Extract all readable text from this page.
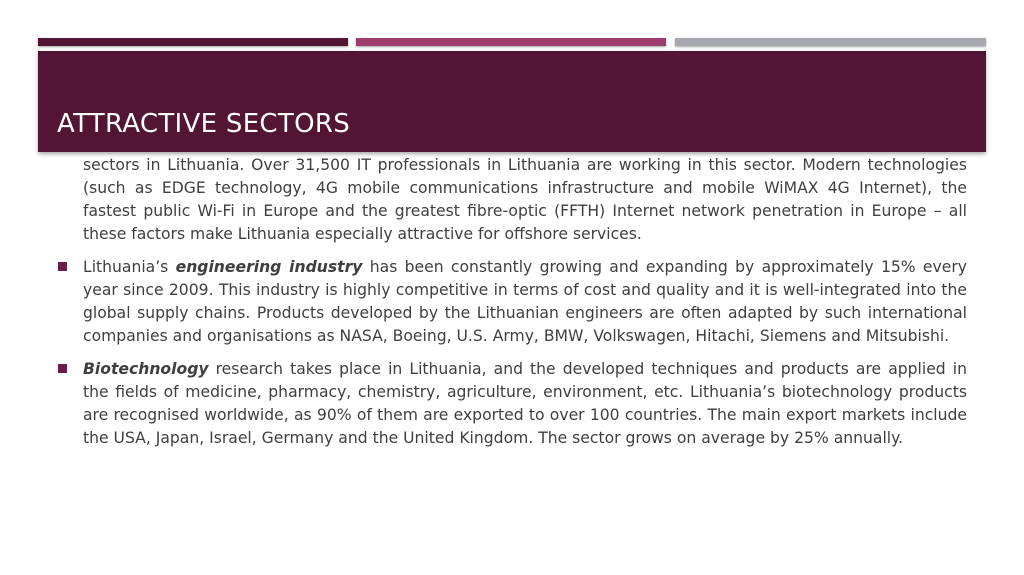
sectors in Lithuania. Over 31,500 IT professionals in Lithuania are working in this sector. Modern technologies (such as EDGE technology, 4G mobile communications infrastructure and mobile WiMAX 4G Internet), the fastest public Wi-Fi in Europe and the greatest fibre-optic (FFTH) Internet network penetration in Europe – all these factors make Lithuania especially attractive for offshore services.
Lithuania’s engineering industry has been constantly growing and expanding by approximately 15% every year since 2009. This industry is highly competitive in terms of cost and quality and it is well-integrated into the global supply chains. Products developed by the Lithuanian engineers are often adapted by such international companies and organisations as NASA, Boeing, U.S. Army, BMW, Volkswagen, Hitachi, Siemens and Mitsubishi.
Biotechnology research takes place in Lithuania, and the developed techniques and products are applied in the fields of medicine, pharmacy, chemistry, agriculture, environment, etc. Lithuania’s biotechnology products are recognised worldwide, as 90% of them are exported to over 100 countries. The main export markets include the USA, Japan, Israel, Germany and the United Kingdom. The sector grows on average by 25% annually.
ATTRACTIVE SECTORS
